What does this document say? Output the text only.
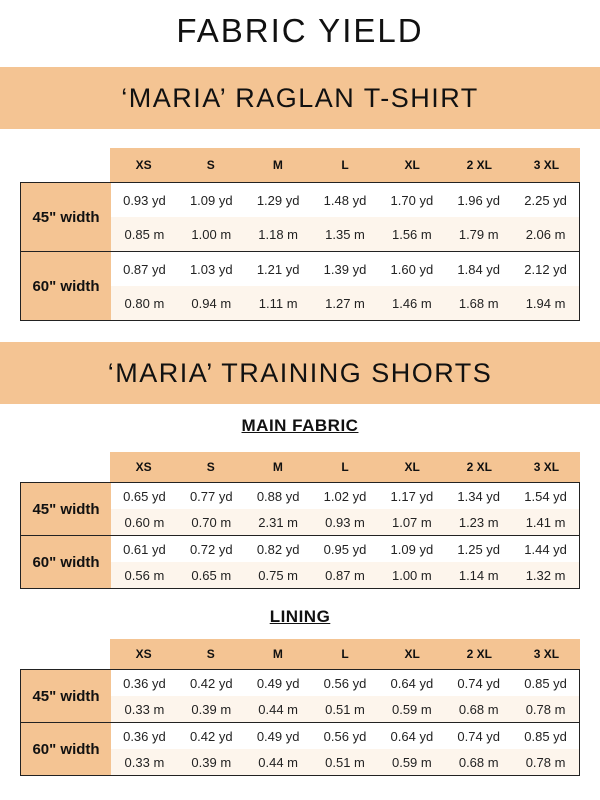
FABRIC YIELD
‘MARIA’ RAGLAN T-SHIRT
XS	S	M	L	XL	2 XL	3 XL
45" width
0.93 yd	1.09 yd	1.29 yd	1.48 yd	1.70 yd	1.96 yd	2.25 yd
0.85 m	1.00 m	1.18 m	1.35 m	1.56 m	1.79 m	2.06 m
60" width
0.87 yd	1.03 yd	1.21 yd	1.39 yd	1.60 yd	1.84 yd	2.12 yd
0.80 m	0.94 m	1.11 m	1.27 m	1.46 m	1.68 m	1.94 m
‘MARIA’ TRAINING SHORTS
MAIN FABRIC
XS	S	M	L	XL	2 XL	3 XL
45" width
0.65 yd	0.77 yd	0.88 yd	1.02 yd	1.17 yd	1.34 yd	1.54 yd
0.60 m	0.70 m	2.31 m	0.93 m	1.07 m	1.23 m	1.41 m
60" width
0.61 yd	0.72 yd	0.82 yd	0.95 yd	1.09 yd	1.25 yd	1.44 yd
0.56 m	0.65 m	0.75 m	0.87 m	1.00 m	1.14 m	1.32 m
LINING
XS	S	M	L	XL	2 XL	3 XL
45" width
0.36 yd	0.42 yd	0.49 yd	0.56 yd	0.64 yd	0.74 yd	0.85 yd
0.33 m	0.39 m	0.44 m	0.51 m	0.59 m	0.68 m	0.78 m
60" width
0.36 yd	0.42 yd	0.49 yd	0.56 yd	0.64 yd	0.74 yd	0.85 yd
0.33 m	0.39 m	0.44 m	0.51 m	0.59 m	0.68 m	0.78 m
